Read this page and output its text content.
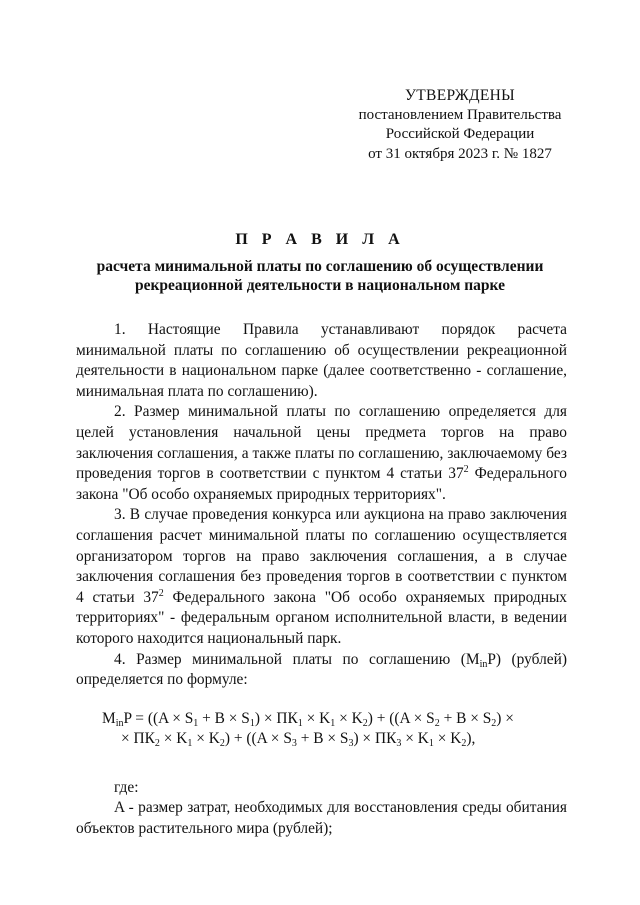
УТВЕРЖДЕНЫ
постановлением Правительства
Российской Федерации
от 31 октября 2023 г. № 1827
П Р А В И Л А
расчета минимальной платы по соглашению об осуществлении
рекреационной деятельности в национальном парке

1. Настоящие Правила устанавливают порядок расчета минимальной платы по соглашению об осуществлении рекреационной деятельности в национальном парке (далее соответственно - соглашение, минимальная плата по соглашению).

2. Размер минимальной платы по соглашению определяется для целей установления начальной цены предмета торгов на право заключения соглашения, а также платы по соглашению, заключаемому без проведения торгов в соответствии с пунктом 4 статьи $37^2$ Федерального закона "Об особо охраняемых природных территориях".

3. В случае проведения конкурса или аукциона на право заключения соглашения расчет минимальной платы по соглашению осуществляется организатором торгов на право заключения соглашения, а в случае заключения соглашения без проведения торгов в соответствии с пунктом 4 статьи $37^2$ Федерального закона "Об особо охраняемых природных территориях" - федеральным органом исполнительной власти, в ведении которого находится национальный парк.

4. Размер минимальной платы по соглашению $(M_{in}P)$ (рублей) определяется по формуле:

$M_{in}P = ((A \times S_1 + B \times S_1) \times ПК_1 \times K_1 \times K_2) + ((A \times S_2 + B \times S_2)$ ×
× $ПК_2 \times K_1 \times K_2) + ((A \times S_3 + B \times S_3) \times ПК_3 \times K_1 \times K_2)$,
где:

A - размер затрат, необходимых для восстановления среды обитания объектов растительного мира (рублей);
